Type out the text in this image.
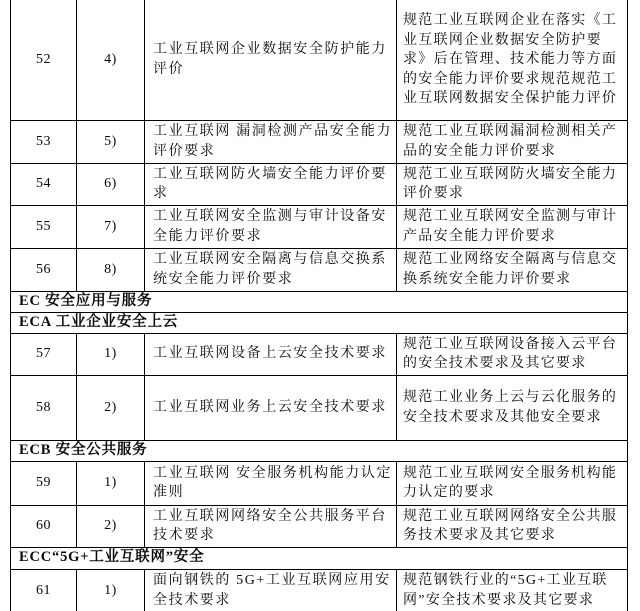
52	4)	工业互联网企业数据安全防护能力评价	规范工业互联网企业在落实《工业互联网企业数据安全防护要求》后在管理、技术能力等方面的安全能力评价要求规范规范工业互联网数据安全保护能力评价
53	5)	工业互联网 漏洞检测产品安全能力评价要求	规范工业互联网漏洞检测相关产品的安全能力评价要求
54	6)	工业互联网防火墙安全能力评价要求	规范工业互联网防火墙安全能力评价要求
55	7)	工业互联网安全监测与审计设备安全能力评价要求	规范工业互联网安全监测与审计产品安全能力评价要求
56	8)	工业互联网安全隔离与信息交换系统安全能力评价要求	规范工业网络安全隔离与信息交换系统安全能力评价要求
EC 安全应用与服务			
ECA 工业企业安全上云			
57	1)	工业互联网设备上云安全技术要求	规范工业互联网设备接入云平台的安全技术要求及其它要求
58	2)	工业互联网业务上云安全技术要求	规范工业业务上云与云化服务的安全技术要求及其他安全要求
ECB 安全公共服务			
59	1)	工业互联网 安全服务机构能力认定准则	规范工业互联网安全服务机构能力认定的要求
60	2)	工业互联网网络安全公共服务平台技术要求	规范工业互联网网络安全公共服务技术要求及其它要求
ECC“5G+工业互联网”安全			
61	1)	面向钢铁的 5G+工业互联网应用安全技术要求	规范钢铁行业的“5G+工业互联网”安全技术要求及其它要求
